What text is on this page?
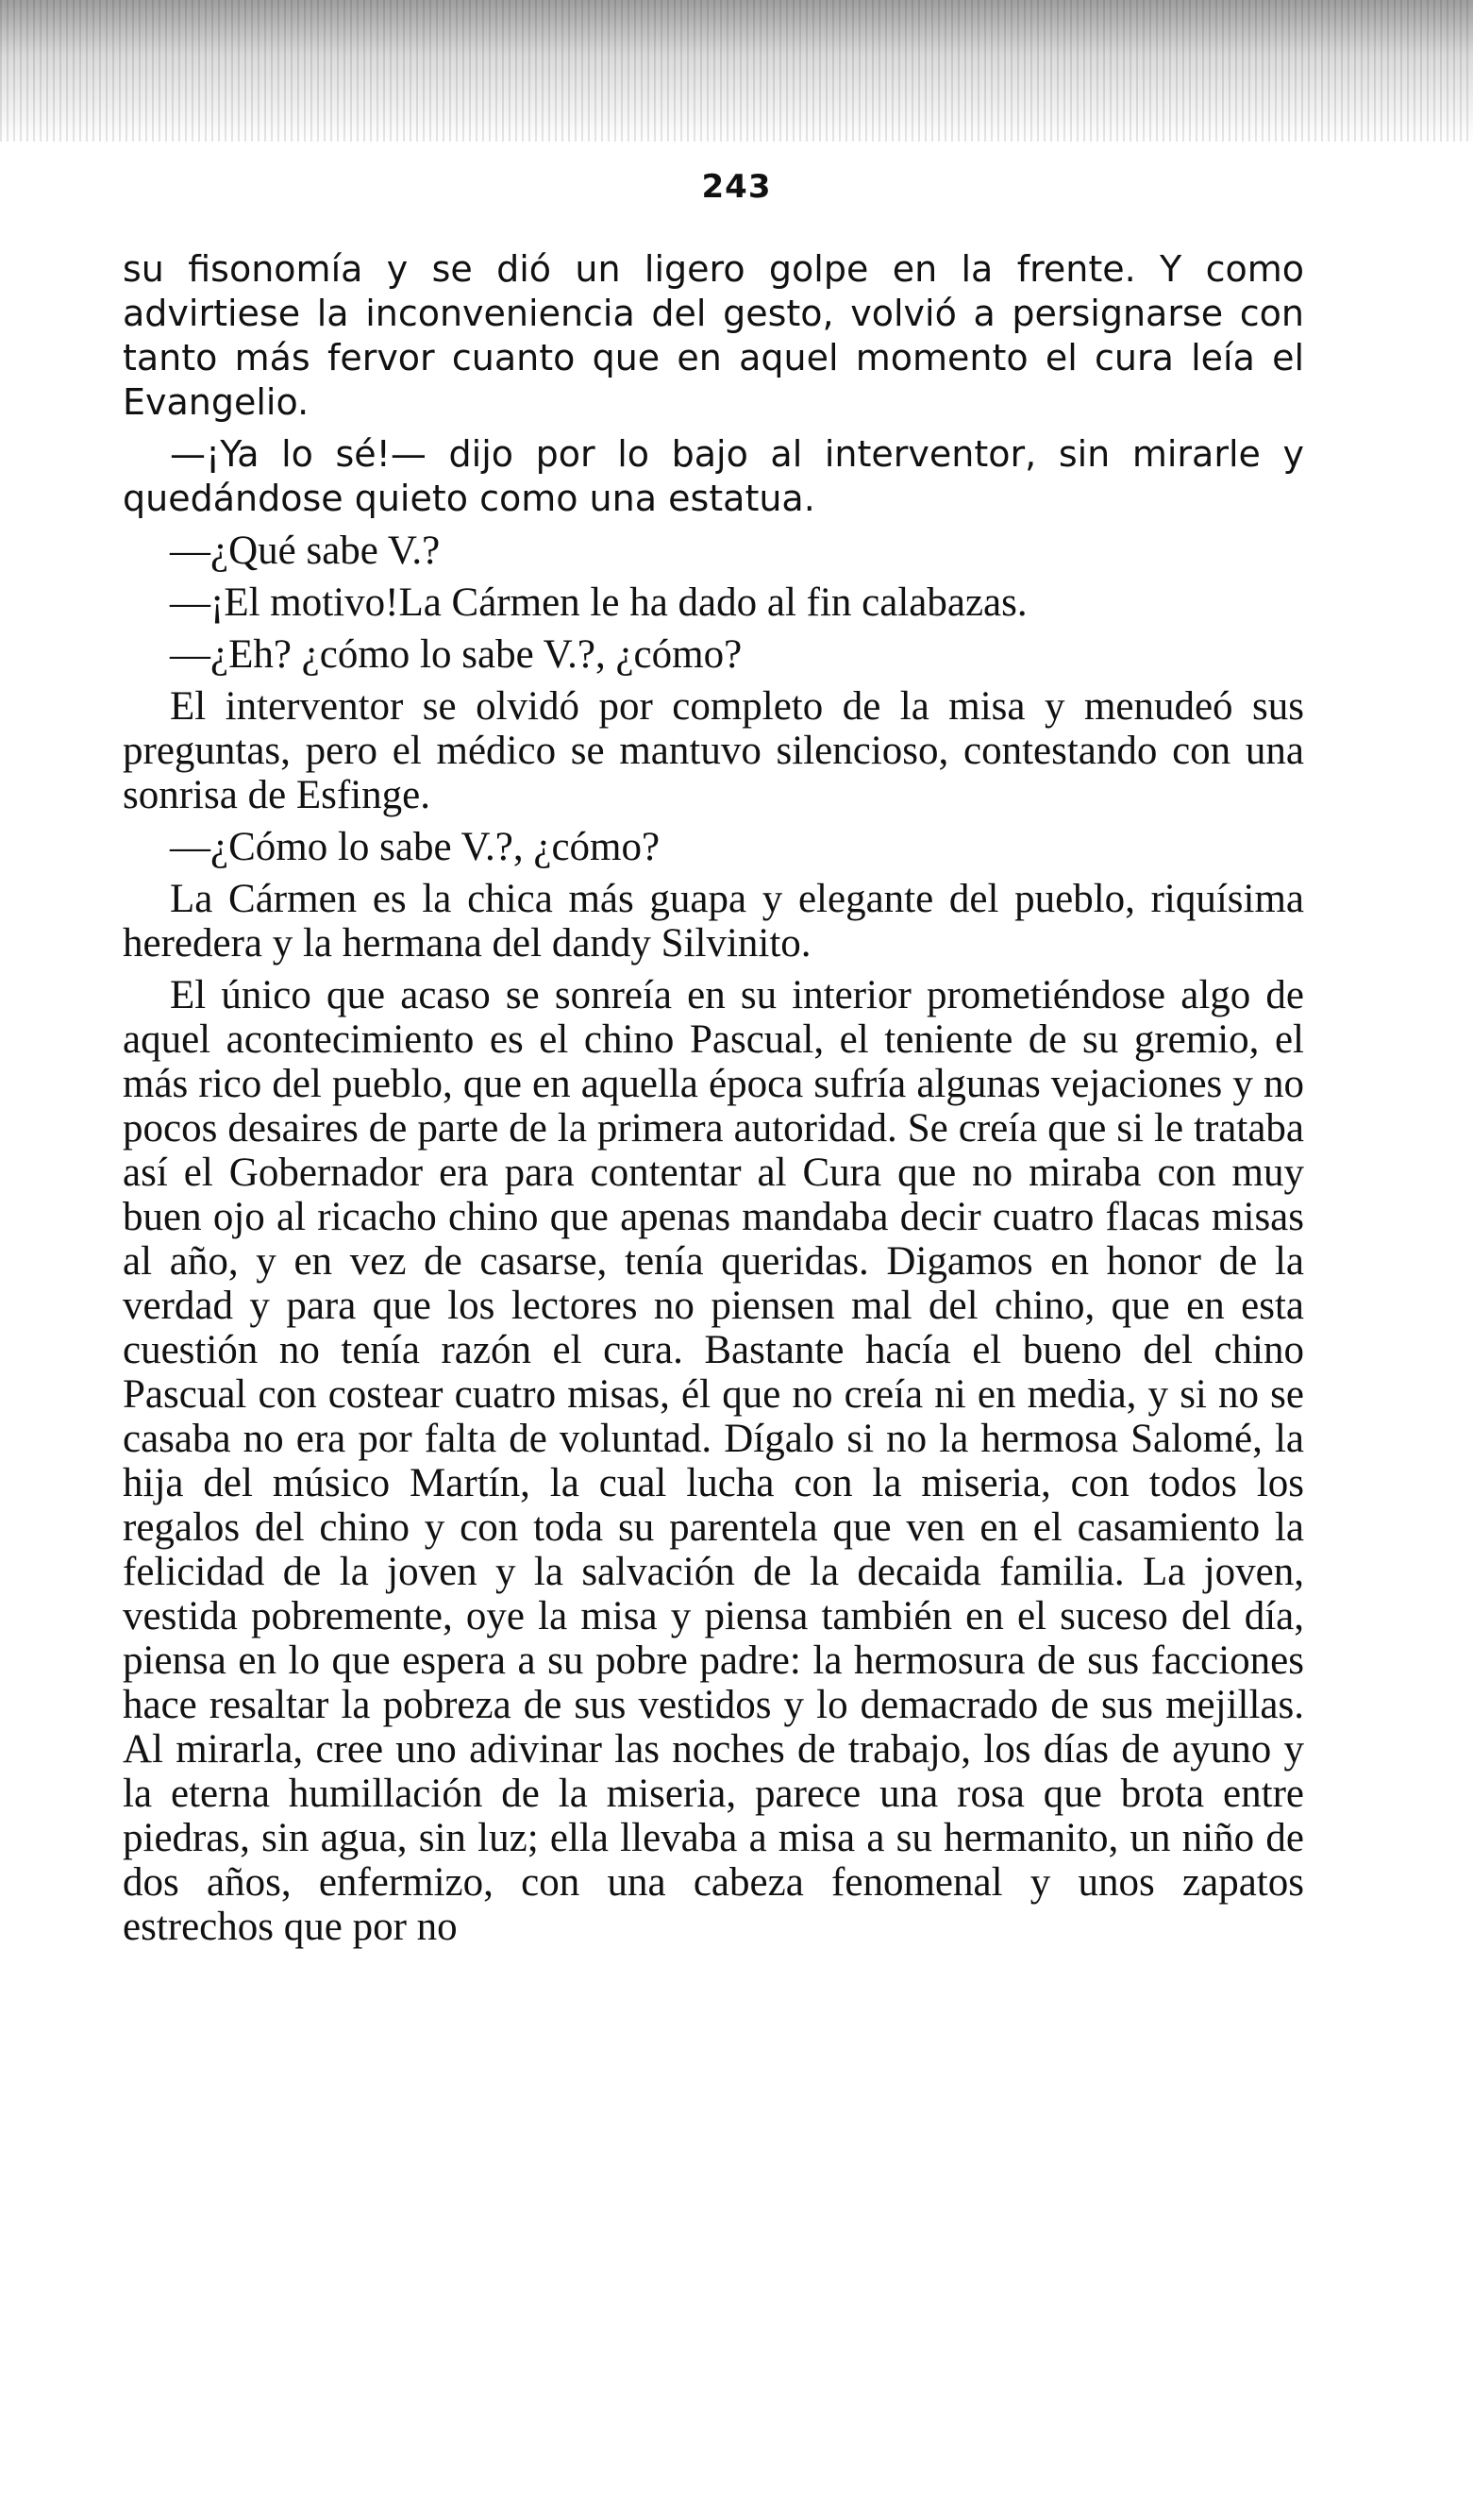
243

su fisonomía y se dió un ligero golpe en la frente. Y como advirtiese la inconveniencia del gesto, volvió a persignarse con tanto más fervor cuanto que en aquel momento el cura leía el Evangelio.

—¡Ya lo sé!— dijo por lo bajo al interventor, sin mirarle y quedándose quieto como una estatua.

—¿Qué sabe V.?

—¡El motivo!La Cármen le ha dado al fin calabazas.

—¿Eh? ¿cómo lo sabe V.?, ¿cómo?

El interventor se olvidó por completo de la misa y menudeó sus preguntas, pero el médico se mantuvo silencioso, contestando con una sonrisa de Esfinge.

—¿Cómo lo sabe V.?, ¿cómo?

La Cármen es la chica más guapa y elegante del pueblo, riquísima heredera y la hermana del dandy Silvinito.

El único que acaso se sonreía en su interior prometiéndose algo de aquel acontecimiento es el chino Pascual, el teniente de su gremio, el más rico del pueblo, que en aquella época sufría algunas vejaciones y no pocos desaires de parte de la primera autoridad. Se creía que si le trataba así el Gobernador era para contentar al Cura que no miraba con muy buen ojo al ricacho chino que apenas mandaba decir cuatro flacas misas al año, y en vez de casarse, tenía queridas. Digamos en honor de la verdad y para que los lectores no piensen mal del chino, que en esta cuestión no tenía razón el cura. Bastante hacía el bueno del chino Pascual con costear cuatro misas, él que no creía ni en media, y si no se casaba no era por falta de voluntad. Dígalo si no la hermosa Salomé, la hija del músico Martín, la cual lucha con la miseria, con todos los regalos del chino y con toda su parentela que ven en el casamiento la felicidad de la joven y la salvación de la decaida familia. La joven, vestida pobremente, oye la misa y piensa también en el suceso del día, piensa en lo que espera a su pobre padre: la hermosura de sus facciones hace resaltar la pobreza de sus vestidos y lo demacrado de sus mejillas. Al mirarla, cree uno adivinar las noches de trabajo, los días de ayuno y la eterna humillación de la miseria, parece una rosa que brota entre piedras, sin agua, sin luz; ella llevaba a misa a su hermanito, un niño de dos años, enfermizo, con una cabeza fenomenal y unos zapatos estrechos que por no
